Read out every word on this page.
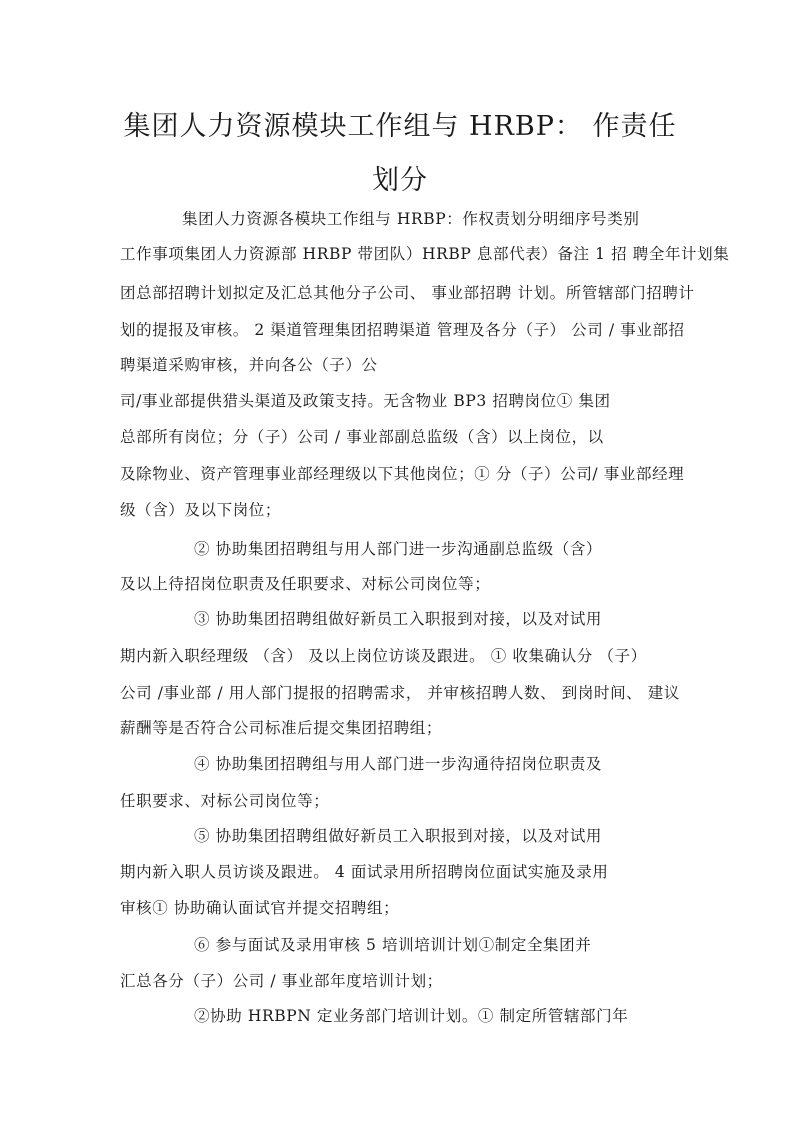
集团人力资源模块工作组与 HRBP： 作责任
划分
集团人力资源各模块工作组与 HRBP：作权责划分明细序号类别
工作事项集团人力资源部 HRBP 带团队）HRBP 息部代表）备注 1 招 聘全年计划集
团总部招聘计划拟定及汇总其他分子公司、 事业部招聘 计划。所管辖部门招聘计
划的提报及审核。 2 渠道管理集团招聘渠道 管理及各分（子） 公司 / 事业部招
聘渠道采购审核，并向各公（子）公
司/事业部提供猎头渠道及政策支持。无含物业 BP3 招聘岗位① 集团
总部所有岗位；分（子）公司 / 事业部副总监级（含）以上岗位，以
及除物业、资产管理事业部经理级以下其他岗位；① 分（子）公司/ 事业部经理
级（含）及以下岗位；
② 协助集团招聘组与用人部门进一步沟通副总监级（含）
及以上待招岗位职责及任职要求、对标公司岗位等；
③ 协助集团招聘组做好新员工入职报到对接，以及对试用
期内新入职经理级 （含） 及以上岗位访谈及跟进。 ① 收集确认分 （子）
公司 /事业部 / 用人部门提报的招聘需求， 并审核招聘人数、 到岗时间、 建议
薪酬等是否符合公司标准后提交集团招聘组；
④ 协助集团招聘组与用人部门进一步沟通待招岗位职责及
任职要求、对标公司岗位等；
⑤ 协助集团招聘组做好新员工入职报到对接，以及对试用
期内新入职人员访谈及跟进。 4 面试录用所招聘岗位面试实施及录用
审核① 协助确认面试官并提交招聘组；
⑥ 参与面试及录用审核 5 培训培训计划①制定全集团并
汇总各分（子）公司 / 事业部年度培训计划；
②协助 HRBPN 定业务部门培训计划。① 制定所管辖部门年
